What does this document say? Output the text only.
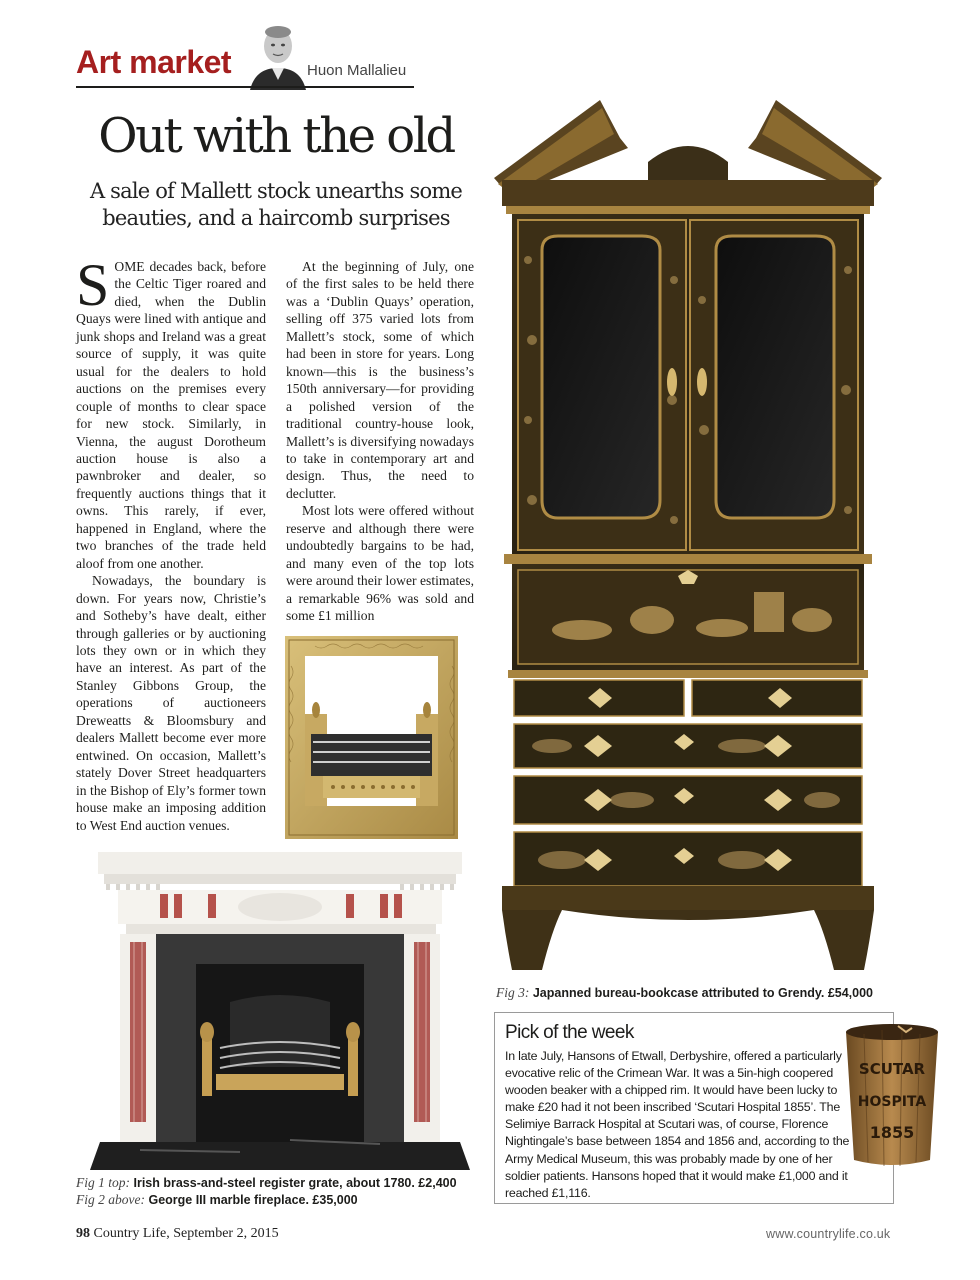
Art market	Huon Mallalieu
Out with the old
A sale of Mallett stock unearths some beauties, and a haircomb surprises

SOME decades back, before the Celtic Tiger roared and died, when the Dublin Quays were lined with antique and junk shops and Ireland was a great source of supply, it was quite usual for the dealers to hold auctions on the premises every couple of months to clear space for new stock. Similarly, in Vienna, the august Dorotheum auction house is also a pawnbroker and dealer, so frequently auctions things that it owns. This rarely, if ever, happened in England, where the two branches of the trade held aloof from one another.

Nowadays, the boundary is down. For years now, Christie’s and Sotheby’s have dealt, either through galleries or by auctioning lots they own or in which they have an interest. As part of the Stanley Gibbons Group, the operations of auctioneers Dreweatts & Bloomsbury and dealers Mallett become ever more entwined. On occasion, Mallett’s stately Dover Street headquarters in the Bishop of Ely’s former town house make an imposing addition to West End auction venues.

At the beginning of July, one of the first sales to be held there was a ‘Dublin Quays’ operation, selling off 375 varied lots from Mallett’s stock, some of which had been in store for years. Long known—this is the business’s 150th anniversary—for providing a polished version of the traditional country-house look, Mallett’s is diversifying nowadays to take in contemporary art and design. Thus, the need to declutter.

Most lots were offered without reserve and although there were undoubtedly bargains to be had, and many even of the top lots were around their lower estimates, a remarkable 96% was sold and some £1 million

Fig 3: Japanned bureau-bookcase attributed to Grendy. £54,000
Fig 1 top: Irish brass-and-steel register grate, about 1780. £2,400
Fig 2 above: George III marble fireplace. £35,000
Pick of the week
In late July, Hansons of Etwall, Derbyshire, offered a particularly evocative relic of the Crimean War. It was a 5in-high coopered wooden beaker with a chipped rim. It would have been lucky to make £20 had it not been inscribed ‘Scutari Hospital 1855’. The Selimiye Barrack Hospital at Scutari was, of course, Florence Nightingale’s base between 1854 and 1856 and, according to the Army Medical Museum, this was probably made by one of her soldier patients. Hansons hoped that it would make £1,000 and it reached £1,116.
SCUTAR
HOSPITA
1855
98 Country Life, September 2, 2015	www.countrylife.co.uk
